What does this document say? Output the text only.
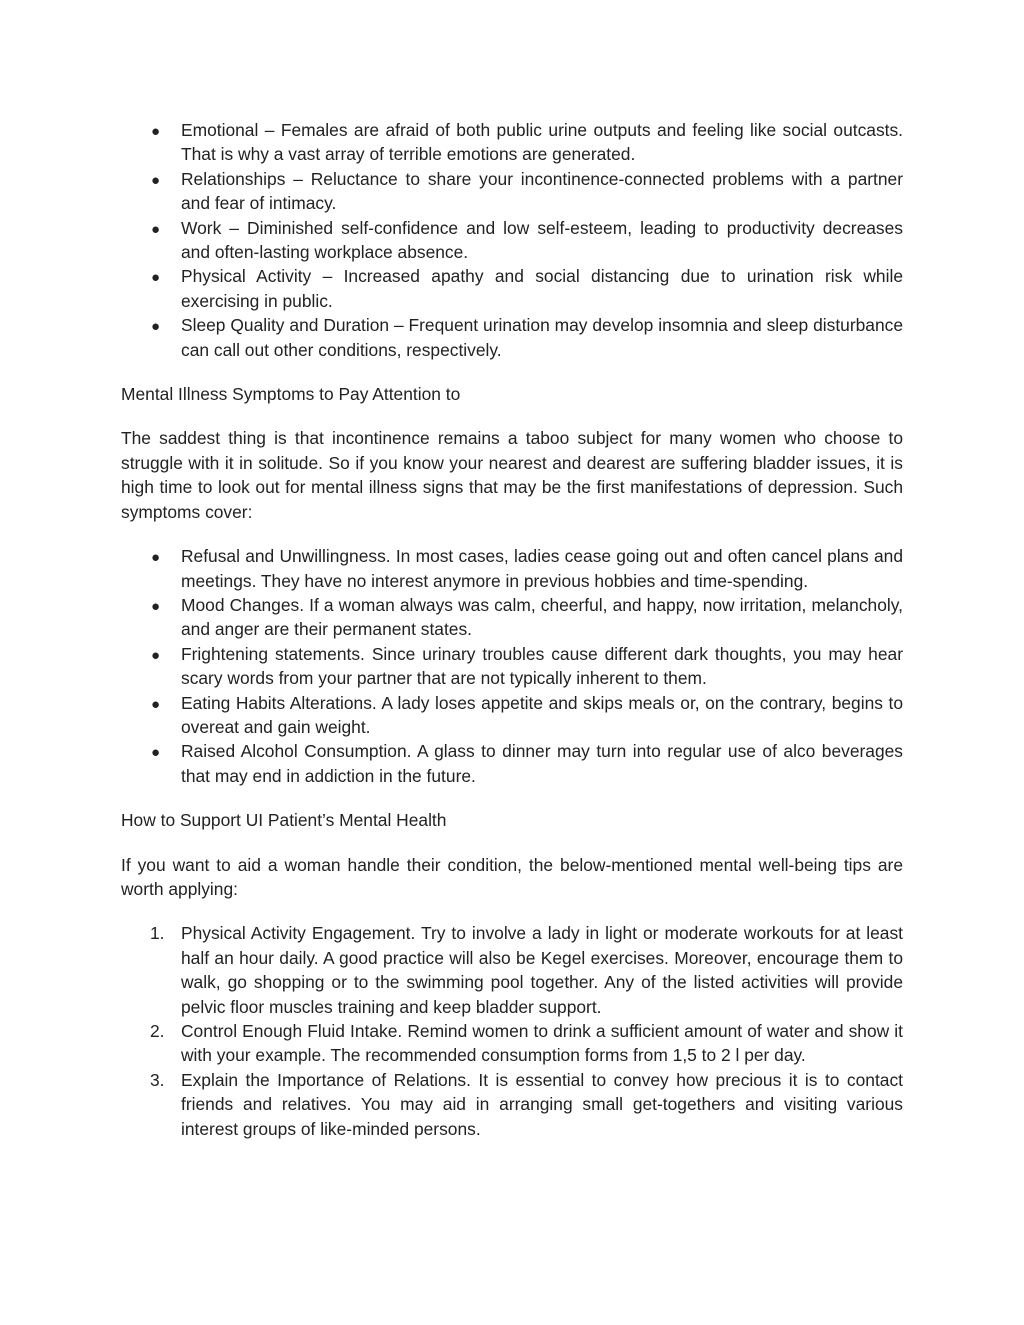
●
Emotional – Females are afraid of both public urine outputs and feeling like social outcasts. That is why a vast array of terrible emotions are generated.
●
Relationships – Reluctance to share your incontinence-connected problems with a partner and fear of intimacy.
●
Work – Diminished self-confidence and low self-esteem, leading to productivity decreases and often-lasting workplace absence.
●
Physical Activity – Increased apathy and social distancing due to urination risk while exercising in public.
●
Sleep Quality and Duration – Frequent urination may develop insomnia and sleep disturbance can call out other conditions, respectively.

Mental Illness Symptoms to Pay Attention to

The saddest thing is that incontinence remains a taboo subject for many women who choose to struggle with it in solitude. So if you know your nearest and dearest are suffering bladder issues, it is high time to look out for mental illness signs that may be the first manifestations of depression. Such symptoms cover:

●
Refusal and Unwillingness. In most cases, ladies cease going out and often cancel plans and meetings. They have no interest anymore in previous hobbies and time-spending.
●
Mood Changes. If a woman always was calm, cheerful, and happy, now irritation, melancholy, and anger are their permanent states.
●
Frightening statements. Since urinary troubles cause different dark thoughts, you may hear scary words from your partner that are not typically inherent to them.
●
Eating Habits Alterations. A lady loses appetite and skips meals or, on the contrary, begins to overeat and gain weight.
●
Raised Alcohol Consumption. A glass to dinner may turn into regular use of alco beverages that may end in addiction in the future.

How to Support UI Patient’s Mental Health

If you want to aid a woman handle their condition, the below-mentioned mental well-being tips are worth applying:

1. Physical Activity Engagement. Try to involve a lady in light or moderate workouts for at least half an hour daily. A good practice will also be Kegel exercises. Moreover, encourage them to walk, go shopping or to the swimming pool together. Any of the listed activities will provide pelvic floor muscles training and keep bladder support.
2. Control Enough Fluid Intake. Remind women to drink a sufficient amount of water and show it with your example. The recommended consumption forms from 1,5 to 2 l per day.
3. Explain the Importance of Relations. It is essential to convey how precious it is to contact friends and relatives. You may aid in arranging small get-togethers and visiting various interest groups of like-minded persons.
